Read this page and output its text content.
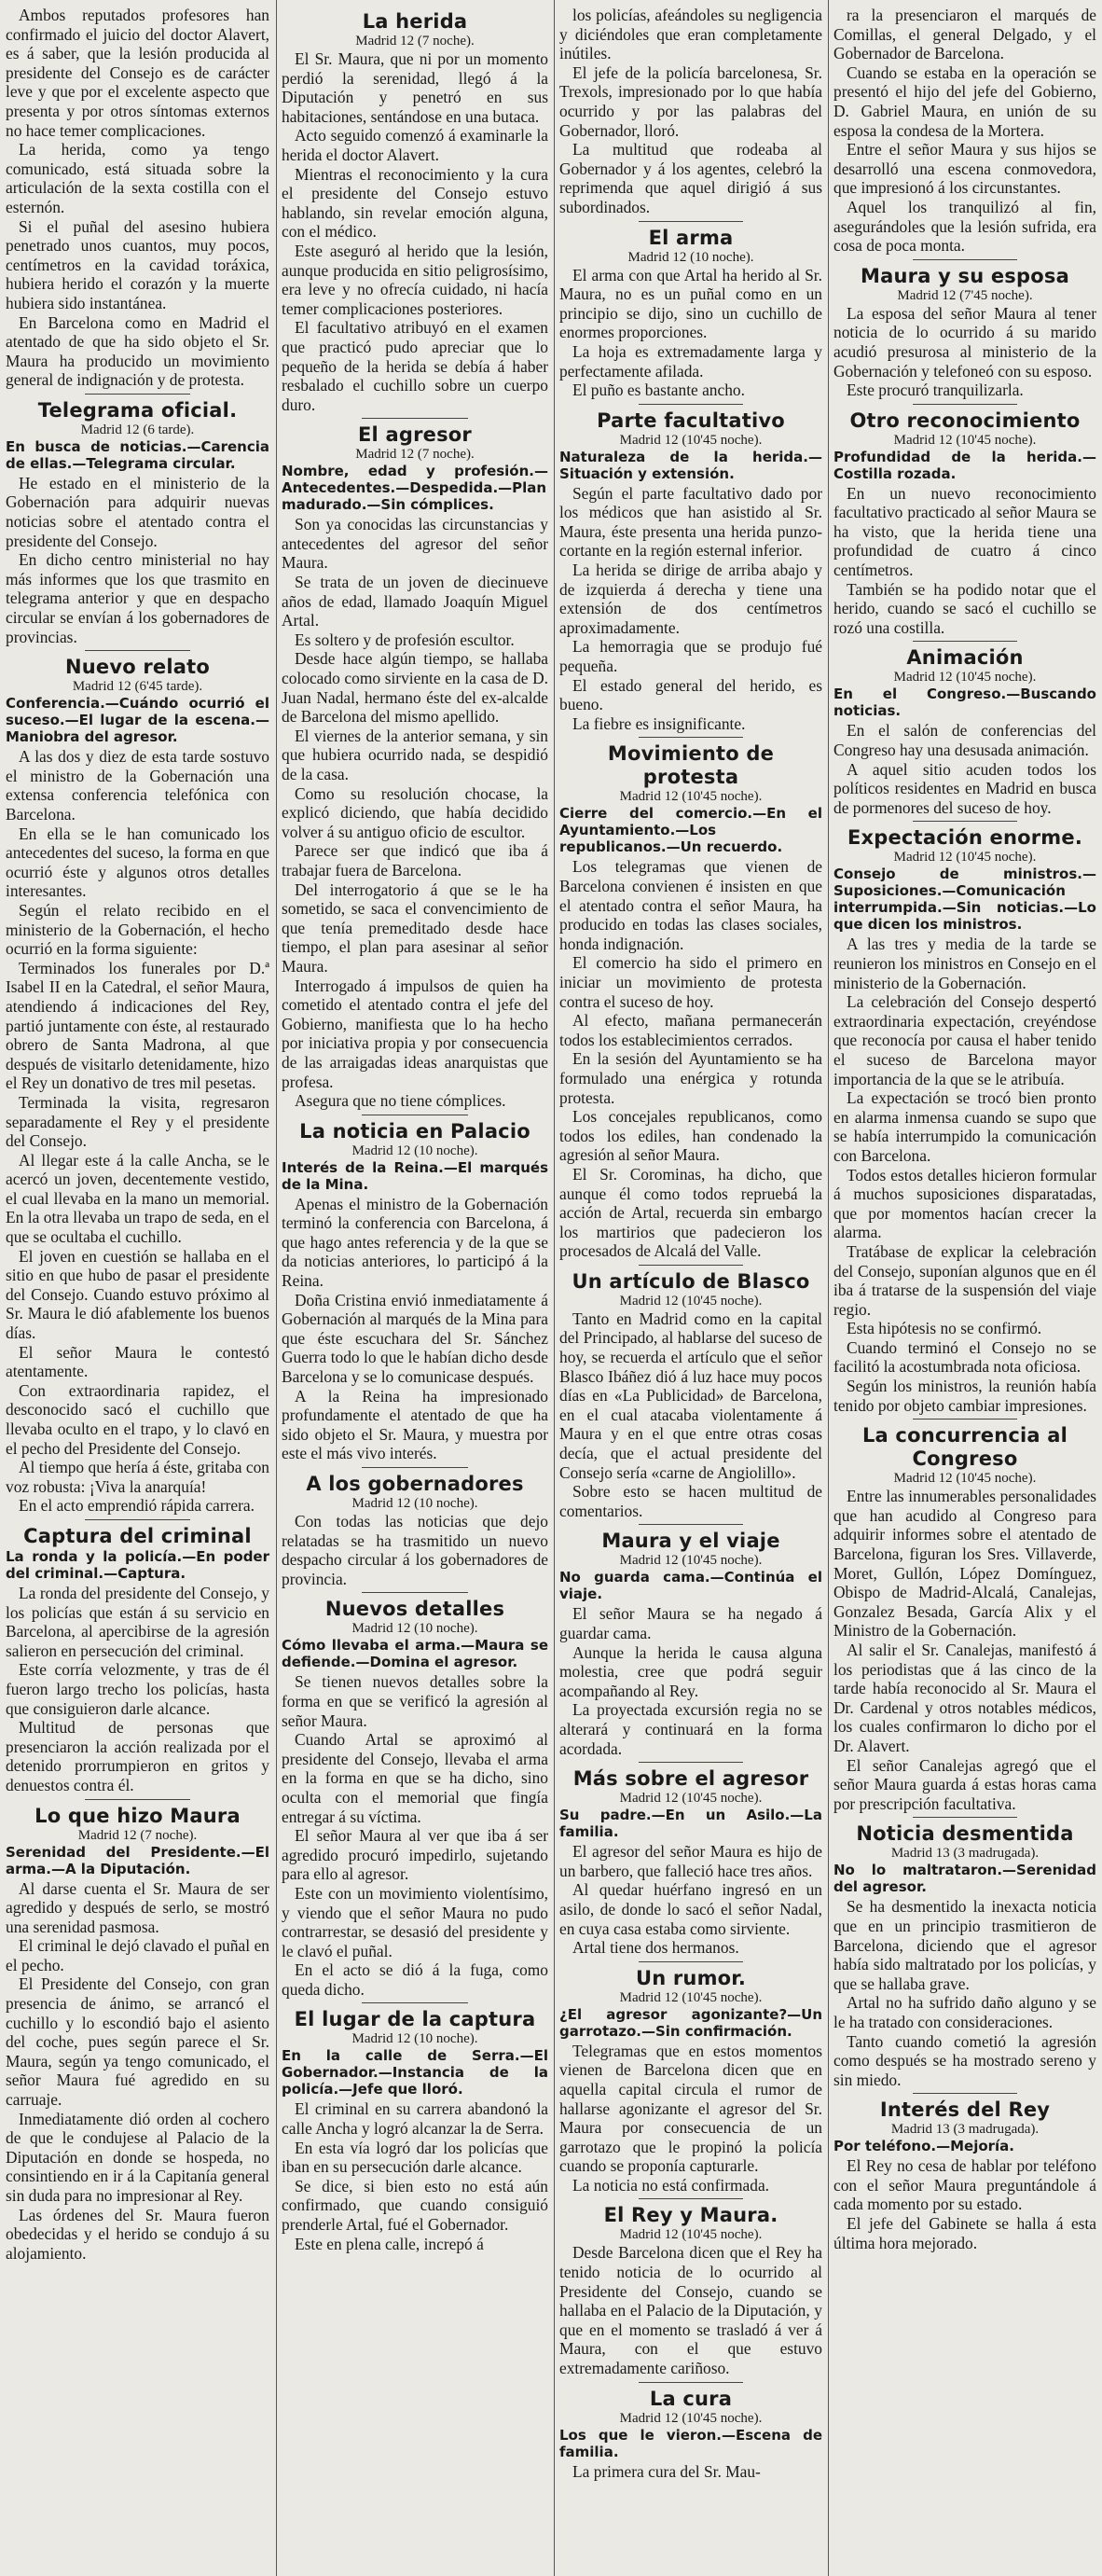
Ambos reputados profesores han confirmado el juicio del doctor Alavert, es á saber, que la lesión producida al presidente del Consejo es de carácter leve y que por el excelente aspecto que presenta y por otros síntomas externos no hace temer complicaciones.

La herida, como ya tengo comunicado, está situada sobre la articulación de la sexta costilla con el esternón.

Si el puñal del asesino hubiera penetrado unos cuantos, muy pocos, centímetros en la cavidad toráxica, hubiera herido el corazón y la muerte hubiera sido instantánea.

En Barcelona como en Madrid el atentado de que ha sido objeto el Sr. Maura ha producido un movimiento general de indignación y de protesta.

Telegrama oficial.
Madrid 12 (6 tarde).
En busca de noticias.—Carencia de ellas.—Telegrama circular.

He estado en el ministerio de la Gobernación para adquirir nuevas noticias sobre el atentado contra el presidente del Consejo.

En dicho centro ministerial no hay más informes que los que trasmito en telegrama anterior y que en despacho circular se envían á los gobernadores de provincias.

Nuevo relato
Madrid 12 (6'45 tarde).
Conferencia.—Cuándo ocurrió el suceso.—El lugar de la escena.—Maniobra del agresor.

A las dos y diez de esta tarde sostuvo el ministro de la Gobernación una extensa conferencia telefónica con Barcelona.

En ella se le han comunicado los antecedentes del suceso, la forma en que ocurrió éste y algunos otros detalles interesantes.

Según el relato recibido en el ministerio de la Gobernación, el hecho ocurrió en la forma siguiente:

Terminados los funerales por D.ª Isabel II en la Catedral, el señor Maura, atendiendo á indicaciones del Rey, partió juntamente con éste, al restaurado obrero de Santa Madrona, al que después de visitarlo detenidamente, hizo el Rey un donativo de tres mil pesetas.

Terminada la visita, regresaron separadamente el Rey y el presidente del Consejo.

Al llegar este á la calle Ancha, se le acercó un joven, decentemente vestido, el cual llevaba en la mano un memorial. En la otra llevaba un trapo de seda, en el que se ocultaba el cuchillo.

El joven en cuestión se hallaba en el sitio en que hubo de pasar el presidente del Consejo. Cuando estuvo próximo al Sr. Maura le dió afablemente los buenos días.

El señor Maura le contestó atentamente.

Con extraordinaria rapidez, el desconocido sacó el cuchillo que llevaba oculto en el trapo, y lo clavó en el pecho del Presidente del Consejo.

Al tiempo que hería á éste, gritaba con voz robusta: ¡Viva la anarquía!

En el acto emprendió rápida carrera.

Captura del criminal
La ronda y la policía.—En poder del criminal.—Captura.

La ronda del presidente del Consejo, y los policías que están á su servicio en Barcelona, al apercibirse de la agresión salieron en persecución del criminal.

Este corría velozmente, y tras de él fueron largo trecho los policías, hasta que consiguieron darle alcance.

Multitud de personas que presenciaron la acción realizada por el detenido prorrumpieron en gritos y denuestos contra él.

Lo que hizo Maura
Madrid 12 (7 noche).
Serenidad del Presidente.—El arma.—A la Diputación.

Al darse cuenta el Sr. Maura de ser agredido y después de serlo, se mostró una serenidad pasmosa.

El criminal le dejó clavado el puñal en el pecho.

El Presidente del Consejo, con gran presencia de ánimo, se arrancó el cuchillo y lo escondió bajo el asiento del coche, pues según parece el Sr. Maura, según ya tengo comunicado, el señor Maura fué agredido en su carruaje.

Inmediatamente dió orden al cochero de que le condujese al Palacio de la Diputación en donde se hospeda, no consintiendo en ir á la Capitanía general sin duda para no impresionar al Rey.

Las órdenes del Sr. Maura fueron obedecidas y el herido se condujo á su alojamiento.

La herida
Madrid 12 (7 noche).

El Sr. Maura, que ni por un momento perdió la serenidad, llegó á la Diputación y penetró en sus habitaciones, sentándose en una butaca.

Acto seguido comenzó á examinarle la herida el doctor Alavert.

Mientras el reconocimiento y la cura el presidente del Consejo estuvo hablando, sin revelar emoción alguna, con el médico.

Este aseguró al herido que la lesión, aunque producida en sitio peligrosísimo, era leve y no ofrecía cuidado, ni hacía temer complicaciones posteriores.

El facultativo atribuyó en el examen que practicó pudo apreciar que lo pequeño de la herida se debía á haber resbalado el cuchillo sobre un cuerpo duro.

El agresor
Madrid 12 (7 noche).
Nombre, edad y profesión.—Antecedentes.—Despedida.—Plan madurado.—Sin cómplices.

Son ya conocidas las circunstancias y antecedentes del agresor del señor Maura.

Se trata de un joven de diecinueve años de edad, llamado Joaquín Miguel Artal.

Es soltero y de profesión escultor.

Desde hace algún tiempo, se hallaba colocado como sirviente en la casa de D. Juan Nadal, hermano éste del ex-alcalde de Barcelona del mismo apellido.

El viernes de la anterior semana, y sin que hubiera ocurrido nada, se despidió de la casa.

Como su resolución chocase, la explicó diciendo, que había decidido volver á su antiguo oficio de escultor.

Parece ser que indicó que iba á trabajar fuera de Barcelona.

Del interrogatorio á que se le ha sometido, se saca el convencimiento de que tenía premeditado desde hace tiempo, el plan para asesinar al señor Maura.

Interrogado á impulsos de quien ha cometido el atentado contra el jefe del Gobierno, manifiesta que lo ha hecho por iniciativa propia y por consecuencia de las arraigadas ideas anarquistas que profesa.

Asegura que no tiene cómplices.

La noticia en Palacio
Madrid 12 (10 noche).
Interés de la Reina.—El marqués de la Mina.

Apenas el ministro de la Gobernación terminó la conferencia con Barcelona, á que hago antes referencia y de la que se da noticias anteriores, lo participó á la Reina.

Doña Cristina envió inmediatamente á Gobernación al marqués de la Mina para que éste escuchara del Sr. Sánchez Guerra todo lo que le habían dicho desde Barcelona y se lo comunicase después.

A la Reina ha impresionado profundamente el atentado de que ha sido objeto el Sr. Maura, y muestra por este el más vivo interés.

A los gobernadores
Madrid 12 (10 noche).

Con todas las noticias que dejo relatadas se ha trasmitido un nuevo despacho circular á los gobernadores de provincia.

Nuevos detalles
Madrid 12 (10 noche).
Cómo llevaba el arma.—Maura se defiende.—Domina el agresor.

Se tienen nuevos detalles sobre la forma en que se verificó la agresión al señor Maura.

Cuando Artal se aproximó al presidente del Consejo, llevaba el arma en la forma en que se ha dicho, sino oculta con el memorial que fingía entregar á su víctima.

El señor Maura al ver que iba á ser agredido procuró impedirlo, sujetando para ello al agresor.

Este con un movimiento violentísimo, y viendo que el señor Maura no pudo contrarrestar, se desasió del presidente y le clavó el puñal.

En el acto se dió á la fuga, como queda dicho.

El lugar de la captura
Madrid 12 (10 noche).
En la calle de Serra.—El Gobernador.—Instancia de la policía.—Jefe que lloró.

El criminal en su carrera abandonó la calle Ancha y logró alcanzar la de Serra.

En esta vía logró dar los policías que iban en su persecución darle alcance.

Se dice, si bien esto no está aún confirmado, que cuando consiguió prenderle Artal, fué el Gobernador.

Este en plena calle, increpó á

los policías, afeándoles su negligencia y diciéndoles que eran completamente inútiles.

El jefe de la policía barcelonesa, Sr. Trexols, impresionado por lo que había ocurrido y por las palabras del Gobernador, lloró.

La multitud que rodeaba al Gobernador y á los agentes, celebró la reprimenda que aquel dirigió á sus subordinados.

El arma
Madrid 12 (10 noche).

El arma con que Artal ha herido al Sr. Maura, no es un puñal como en un principio se dijo, sino un cuchillo de enormes proporciones.

La hoja es extremadamente larga y perfectamente afilada.

El puño es bastante ancho.

Parte facultativo
Madrid 12 (10'45 noche).
Naturaleza de la herida.—Situación y extensión.

Según el parte facultativo dado por los médicos que han asistido al Sr. Maura, éste presenta una herida punzo-cortante en la región esternal inferior.

La herida se dirige de arriba abajo y de izquierda á derecha y tiene una extensión de dos centímetros aproximadamente.

La hemorragia que se produjo fué pequeña.

El estado general del herido, es bueno.

La fiebre es insignificante.

Movimiento de protesta
Madrid 12 (10'45 noche).
Cierre del comercio.—En el Ayuntamiento.—Los republicanos.—Un recuerdo.

Los telegramas que vienen de Barcelona convienen é insisten en que el atentado contra el señor Maura, ha producido en todas las clases sociales, honda indignación.

El comercio ha sido el primero en iniciar un movimiento de protesta contra el suceso de hoy.

Al efecto, mañana permanecerán todos los establecimientos cerrados.

En la sesión del Ayuntamiento se ha formulado una enérgica y rotunda protesta.

Los concejales republicanos, como todos los ediles, han condenado la agresión al señor Maura.

El Sr. Corominas, ha dicho, que aunque él como todos repruebá la acción de Artal, recuerda sin embargo los martirios que padecieron los procesados de Alcalá del Valle.

Un artículo de Blasco
Madrid 12 (10'45 noche).

Tanto en Madrid como en la capital del Principado, al hablarse del suceso de hoy, se recuerda el artículo que el señor Blasco Ibáñez dió á luz hace muy pocos días en «La Publicidad» de Barcelona, en el cual atacaba violentamente á Maura y en el que entre otras cosas decía, que el actual presidente del Consejo sería «carne de Angiolillo».

Sobre esto se hacen multitud de comentarios.

Maura y el viaje
Madrid 12 (10'45 noche).
No guarda cama.—Continúa el viaje.

El señor Maura se ha negado á guardar cama.

Aunque la herida le causa alguna molestia, cree que podrá seguir acompañando al Rey.

La proyectada excursión regia no se alterará y continuará en la forma acordada.

Más sobre el agresor
Madrid 12 (10'45 noche).
Su padre.—En un Asilo.—La familia.

El agresor del señor Maura es hijo de un barbero, que falleció hace tres años.

Al quedar huérfano ingresó en un asilo, de donde lo sacó el señor Nadal, en cuya casa estaba como sirviente.

Artal tiene dos hermanos.

Un rumor.
Madrid 12 (10'45 noche).
¿El agresor agonizante?—Un garrotazo.—Sin confirmación.

Telegramas que en estos momentos vienen de Barcelona dicen que en aquella capital circula el rumor de hallarse agonizante el agresor del Sr. Maura por consecuencia de un garrotazo que le propinó la policía cuando se proponía capturarle.

La noticia no está confirmada.

El Rey y Maura.
Madrid 12 (10'45 noche).

Desde Barcelona dicen que el Rey ha tenido noticia de lo ocurrido al Presidente del Consejo, cuando se hallaba en el Palacio de la Diputación, y que en el momento se trasladó á ver á Maura, con el que estuvo extremadamente cariñoso.

La cura
Madrid 12 (10'45 noche).
Los que le vieron.—Escena de familia.

La primera cura del Sr. Mau-

ra la presenciaron el marqués de Comillas, el general Delgado, y el Gobernador de Barcelona.

Cuando se estaba en la operación se presentó el hijo del jefe del Gobierno, D. Gabriel Maura, en unión de su esposa la condesa de la Mortera.

Entre el señor Maura y sus hijos se desarrolló una escena conmovedora, que impresionó á los circunstantes.

Aquel los tranquilizó al fin, asegurándoles que la lesión sufrida, era cosa de poca monta.

Maura y su esposa
Madrid 12 (7'45 noche).

La esposa del señor Maura al tener noticia de lo ocurrido á su marido acudió presurosa al ministerio de la Gobernación y telefoneó con su esposo.

Este procuró tranquilizarla.

Otro reconocimiento
Madrid 12 (10'45 noche).
Profundidad de la herida.—Costilla rozada.

En un nuevo reconocimiento facultativo practicado al señor Maura se ha visto, que la herida tiene una profundidad de cuatro á cinco centímetros.

También se ha podido notar que el herido, cuando se sacó el cuchillo se rozó una costilla.

Animación
Madrid 12 (10'45 noche).
En el Congreso.—Buscando noticias.

En el salón de conferencias del Congreso hay una desusada animación.

A aquel sitio acuden todos los políticos residentes en Madrid en busca de pormenores del suceso de hoy.

Expectación enorme.
Madrid 12 (10'45 noche).
Consejo de ministros.—Suposiciones.—Comunicación interrumpida.—Sin noticias.—Lo que dicen los ministros.

A las tres y media de la tarde se reunieron los ministros en Consejo en el ministerio de la Gobernación.

La celebración del Consejo despertó extraordinaria expectación, creyéndose que reconocía por causa el haber tenido el suceso de Barcelona mayor importancia de la que se le atribuía.

La expectación se trocó bien pronto en alarma inmensa cuando se supo que se había interrumpido la comunicación con Barcelona.

Todos estos detalles hicieron formular á muchos suposiciones disparatadas, que por momentos hacían crecer la alarma.

Tratábase de explicar la celebración del Consejo, suponían algunos que en él iba á tratarse de la suspensión del viaje regio.

Esta hipótesis no se confirmó.

Cuando terminó el Consejo no se facilitó la acostumbrada nota oficiosa.

Según los ministros, la reunión había tenido por objeto cambiar impresiones.

La concurrencia al Congreso
Madrid 12 (10'45 noche).

Entre las innumerables personalidades que han acudido al Congreso para adquirir informes sobre el atentado de Barcelona, figuran los Sres. Villaverde, Moret, Gullón, López Domínguez, Obispo de Madrid-Alcalá, Canalejas, Gonzalez Besada, García Alix y el Ministro de la Gobernación.

Al salir el Sr. Canalejas, manifestó á los periodistas que á las cinco de la tarde había reconocido al Sr. Maura el Dr. Cardenal y otros notables médicos, los cuales confirmaron lo dicho por el Dr. Alavert.

El señor Canalejas agregó que el señor Maura guarda á estas horas cama por prescripción facultativa.

Noticia desmentida
Madrid 13 (3 madrugada).
No lo maltrataron.—Serenidad del agresor.

Se ha desmentido la inexacta noticia que en un principio trasmitieron de Barcelona, diciendo que el agresor había sido maltratado por los policías, y que se hallaba grave.

Artal no ha sufrido daño alguno y se le ha tratado con consideraciones.

Tanto cuando cometió la agresión como después se ha mostrado sereno y sin miedo.

Interés del Rey
Madrid 13 (3 madrugada).
Por teléfono.—Mejoría.

El Rey no cesa de hablar por teléfono con el señor Maura preguntándole á cada momento por su estado.

El jefe del Gabinete se halla á esta última hora mejorado.
